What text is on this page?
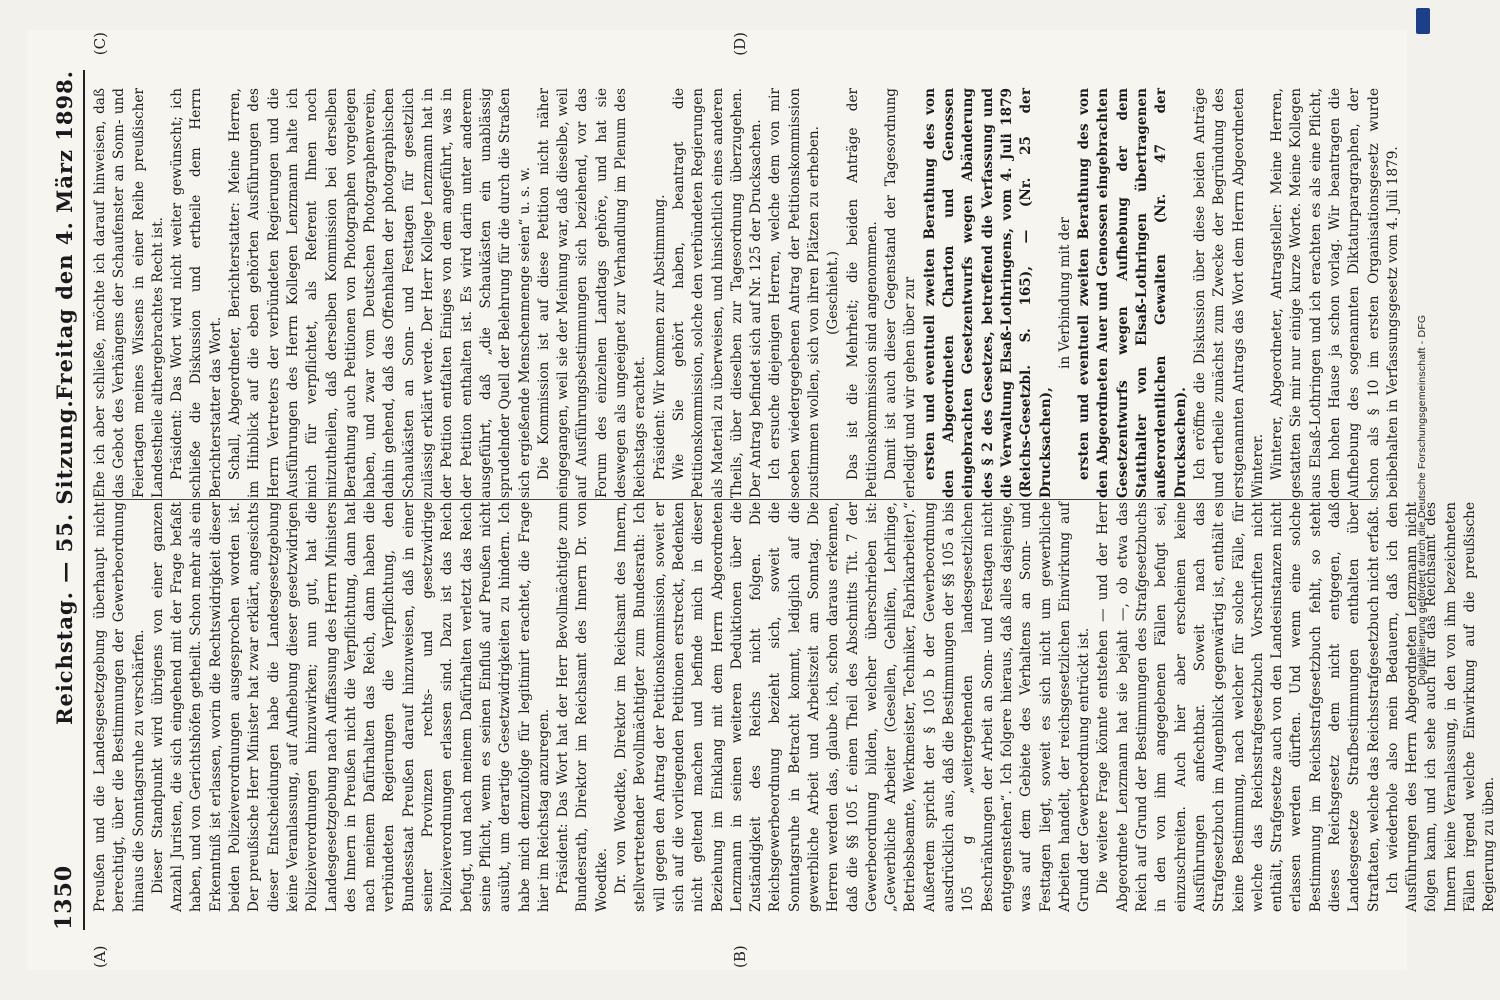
1350
Reichstag. — 55. Sitzung.
Freitag den 4. März 1898.
(A)	(B)
(C)	(D)

Preußen und die Landesgesetzgebung überhaupt nicht berechtigt, über die Bestimmungen der Gewerbeordnung hinaus die Sonntagsruhe zu verschärfen. Dieser Standpunkt wird übrigens von einer ganzen Anzahl Juristen, die sich eingehend mit der Frage befaßt haben, und von Gerichtshöfen getheilt. Schon mehr als ein Erkenntniß ist erlassen, worin die Rechtswidrigkeit dieser beiden Polizeiverordnungen ausgesprochen worden ist. Der preußische Herr Minister hat zwar erklärt, angesichts dieser Entscheidungen habe die Landesgesetzgebung keine Veranlassung, auf Aufhebung dieser gesetzwidrigen Polizeiverordnungen hinzuwirken; nun gut, hat die Landesgesetzgebung nach Auffassung des Herrn Ministers des Innern in Preußen nicht die Verpflichtung, dann hat nach meinem Dafürhalten das Reich, dann haben die verbündeten Regierungen die Verpflichtung, den Bundesstaat Preußen darauf hinzuweisen, daß in einer seiner Provinzen rechts- und gesetzwidrige Polizeiverordnungen erlassen sind. Dazu ist das Reich befugt, und nach meinem Dafürhalten verletzt das Reich seine Pflicht, wenn es seinen Einfluß auf Preußen nicht ausübt, um derartige Gesetzwidrigkeiten zu hindern. Ich habe mich demzufolge für legitimirt erachtet, die Frage hier im Reichstag anzuregen. Präsident: Das Wort hat der Herr Bevollmächtigte zum Bundesrath, Direktor im Reichsamt des Innern Dr. von Woedtke. Dr. von Woedtke, Direktor im Reichsamt des Innern, stellvertretender Bevollmächtigter zum Bundesrath: Ich will gegen den Antrag der Petitionskommission, soweit er sich auf die vorliegenden Petitionen erstreckt, Bedenken nicht geltend machen und befinde mich in dieser Beziehung im Einklang mit dem Herrn Abgeordneten Lenzmann in seinen weiteren Deduktionen über die Zuständigkeit des Reichs nicht folgen. Die Reichsgewerbeordnung bezieht sich, soweit die Sonntagsruhe in Betracht kommt, lediglich auf die gewerbliche Arbeit und Arbeitszeit am Sonntag. Die Herren werden das, glaube ich, schon daraus erkennen, daß die §§ 105 f. einen Theil des Abschnitts Tit. 7 der Gewerbeordnung bilden, welcher überschrieben ist: „Gewerbliche Arbeiter (Gesellen, Gehilfen, Lehrlinge, Betriebsbeamte, Werkmeister, Techniker, Fabrikarbeiter).“ Außerdem spricht der § 105 b der Gewerbeordnung ausdrücklich aus, daß die Bestimmungen der §§ 105 a bis 105 g „weitergehenden landesgesetzlichen Beschränkungen der Arbeit an Sonn- und Festtagen nicht entgegenstehen“. Ich folgere hieraus, daß alles dasjenige, was auf dem Gebiete des Verhaltens an Sonn- und Festtagen liegt, soweit es sich nicht um gewerbliche Arbeiten handelt, der reichsgesetzlichen Einwirkung auf Grund der Gewerbeordnung entrückt ist. Die weitere Frage könnte entstehen — und der Herr Abgeordnete Lenzmann hat sie bejaht —, ob etwa das Reich auf Grund der Bestimmungen des Strafgesetzbuchs in den von ihm angegebenen Fällen befugt sei, einzuschreiten. Auch hier aber erscheinen keine Ausführungen anfechtbar. Soweit nach das Strafgesetzbuch im Augenblick gegenwärtig ist, enthält es keine Bestimmung, nach welcher für solche Fälle, für welche das Reichsstrafgesetzbuch Vorschriften nicht enthält, Strafgesetze auch von den Landesinstanzen nicht erlassen werden dürften. Und wenn eine solche Bestimmung im Reichsstrafgesetzbuch fehlt, so steht dieses Reichsgesetz dem nicht entgegen, daß Landesgesetze Strafbestimmungen enthalten über Straftaten, welche das Reichsstrafgesetzbuch nicht erfaßt. Ich wiederhole also mein Bedauern, daß ich den Ausführungen des Herrn Abgeordneten Lenzmann nicht folgen kann, und ich sehe auch für das Reichsamt des Innern keine Veranlassung, in den von ihm bezeichneten Fällen irgend welche Einwirkung auf die preußische Regierung zu üben.

Ehe ich aber schließe, möchte ich darauf hinweisen, daß das Gebot des Verhängens der Schaufenster an Sonn- und Feiertagen meines Wissens in einer Reihe preußischer Landestheile althergebrachtes Recht ist. Präsident: Das Wort wird nicht weiter gewünscht; ich schließe die Diskussion und ertheile dem Herrn Berichterstatter das Wort. Schall, Abgeordneter, Berichterstatter: Meine Herren, im Hinblick auf die eben gehörten Ausführungen des Herrn Vertreters der verbündeten Regierungen und die Ausführungen des Herrn Kollegen Lenzmann halte ich mich für verpflichtet, als Referent Ihnen noch mitzutheilen, daß derselben Kommission bei derselben Berathung auch Petitionen von Photographen vorgelegen haben, und zwar vom Deutschen Photographenverein, dahin gehend, daß das Offenhalten der photographischen Schaukästen an Sonn- und Festtagen für gesetzlich zulässig erklärt werde. Der Herr Kollege Lenzmann hat in der Petition entfalten Einiges von dem angeführt, was in der Petition enthalten ist. Es wird darin unter anderem ausgeführt, daß „die Schaukästen ein unablässig sprudelnder Quell der Belehrung für die durch die Straßen sich ergießende Menschenmenge seien“ u. s. w. Die Kommission ist auf diese Petition nicht näher eingegangen, weil sie der Meinung war, daß dieselbe, weil auf Ausführungsbestimmungen sich beziehend, vor das Forum des einzelnen Landtags gehöre, und hat sie deswegen als ungeeignet zur Verhandlung im Plenum des Reichstags erachtet. Präsident: Wir kommen zur Abstimmung. Wie Sie gehört haben, beantragt die Petitionskommission, solche den verbündeten Regierungen als Material zu überweisen, und hinsichtlich eines anderen Theils, über dieselben zur Tagesordnung überzugehen. Der Antrag befindet sich auf Nr. 125 der Drucksachen. Ich ersuche diejenigen Herren, welche dem von mir soeben wiedergegebenen Antrag der Petitionskommission zustimmen wollen, sich von ihren Plätzen zu erheben. (Geschieht.) Das ist die Mehrheit; die beiden Anträge der Petitionskommission sind angenommen. Damit ist auch dieser Gegenstand der Tagesordnung erledigt und wir gehen über zur ersten und eventuell zweiten Berathung des von den Abgeordneten Charton und Genossen eingebrachten Gesetzentwurfs wegen Abänderung des § 2 des Gesetzes, betreffend die Verfassung und die Verwaltung Elsaß-Lothringens, vom 4. Juli 1879 (Reichs-Gesetzbl. S. 165), — (Nr. 25 der Drucksachen),

in Verbindung mit der ersten und eventuell zweiten Berathung des von den Abgeordneten Auer und Genossen eingebrachten Gesetzentwurfs wegen Aufhebung der dem Statthalter von Elsaß-Lothringen übertragenen außerordentlichen Gewalten (Nr. 47 der Drucksachen). Ich eröffne die Diskussion über diese beiden Anträge und ertheile zunächst zum Zwecke der Begründung des erstgenannten Antrags das Wort dem Herrn Abgeordneten Winterer. Winterer, Abgeordneter, Antragsteller: Meine Herren, gestatten Sie mir nur einige kurze Worte. Meine Kollegen aus Elsaß-Lothringen und ich erachten es als eine Pflicht, dem hohen Hause ja schon vorlag. Wir beantragen die Aufhebung des sogenannten Diktaturparagraphen, der schon als § 10 im ersten Organisationsgesetz wurde beibehalten in Verfassungsgesetz vom 4. Juli 1879. Digitalisierung gefördert durch die Deutsche Forschungsgemeinschaft - DFG
